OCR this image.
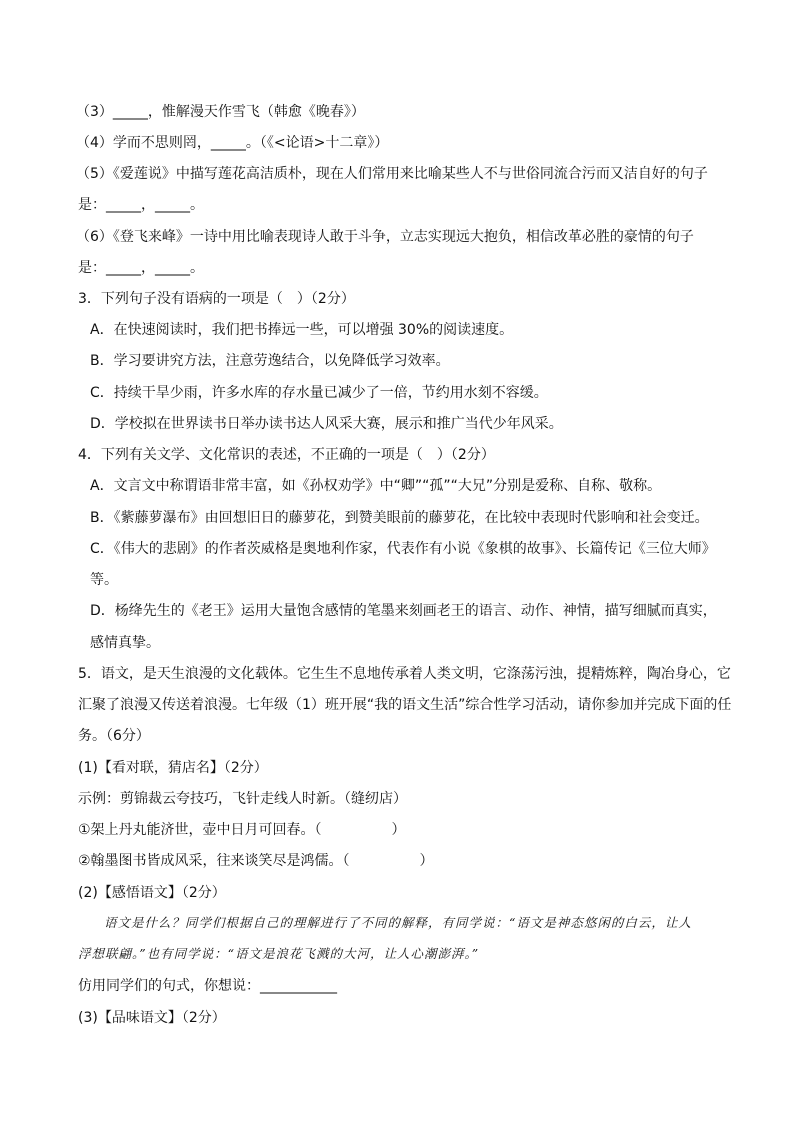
（3）_____，惟解漫天作雪飞（韩愈《晚春》）
（4）学而不思则罔，_____。（《<论语>十二章》）
（5）《爱莲说》中描写莲花高洁质朴，现在人们常用来比喻某些人不与世俗同流合污而又洁自好的句子
是：_____，_____。
（6）《登飞来峰》一诗中用比喻表现诗人敢于斗争，立志实现远大抱负，相信改革必胜的豪情的句子
是：_____，_____。
3．下列句子没有语病的一项是（　）（2分）
A．在快速阅读时，我们把书捧远一些，可以增强 30%的阅读速度。
B．学习要讲究方法，注意劳逸结合，以免降低学习效率。
C．持续干旱少雨，许多水库的存水量已减少了一倍，节约用水刻不容缓。
D．学校拟在世界读书日举办读书达人风采大赛，展示和推广当代少年风采。
4．下列有关文学、文化常识的表述，不正确的一项是（　）（2分）
A．文言文中称谓语非常丰富，如《孙权劝学》中“卿”“孤”“大兄”分别是爱称、自称、敬称。
B．《紫藤萝瀑布》由回想旧日的藤萝花，到赞美眼前的藤萝花，在比较中表现时代影响和社会变迁。
C．《伟大的悲剧》的作者茨威格是奥地利作家，代表作有小说《象棋的故事》、长篇传记《三位大师》
等。
D．杨绛先生的《老王》运用大量饱含感情的笔墨来刻画老王的语言、动作、神情，描写细腻而真实，
感情真挚。
5．语文，是天生浪漫的文化载体。它生生不息地传承着人类文明，它涤荡污浊，提精炼粹，陶冶身心，它
汇聚了浪漫又传送着浪漫。七年级（1）班开展“我的语文生活”综合性学习活动，请你参加并完成下面的任
务。（6分）
(1)【看对联，猜店名】（2分）
示例：剪锦裁云夸技巧，飞针走线人时新。（缝纫店）
①架上丹丸能济世，壶中日月可回春。（　　　　　）
②翰墨图书皆成风采，往来谈笑尽是鸿儒。（　　　　　）
(2)【感悟语文】（2分）
语文是什么？同学们根据自己的理解进行了不同的解释，有同学说：“语文是神态悠闲的白云，让人
浮想联翩。”也有同学说：“语文是浪花飞溅的大河，让人心潮澎湃。”
仿用同学们的句式，你想说：___________
(3)【品味语文】（2分）
